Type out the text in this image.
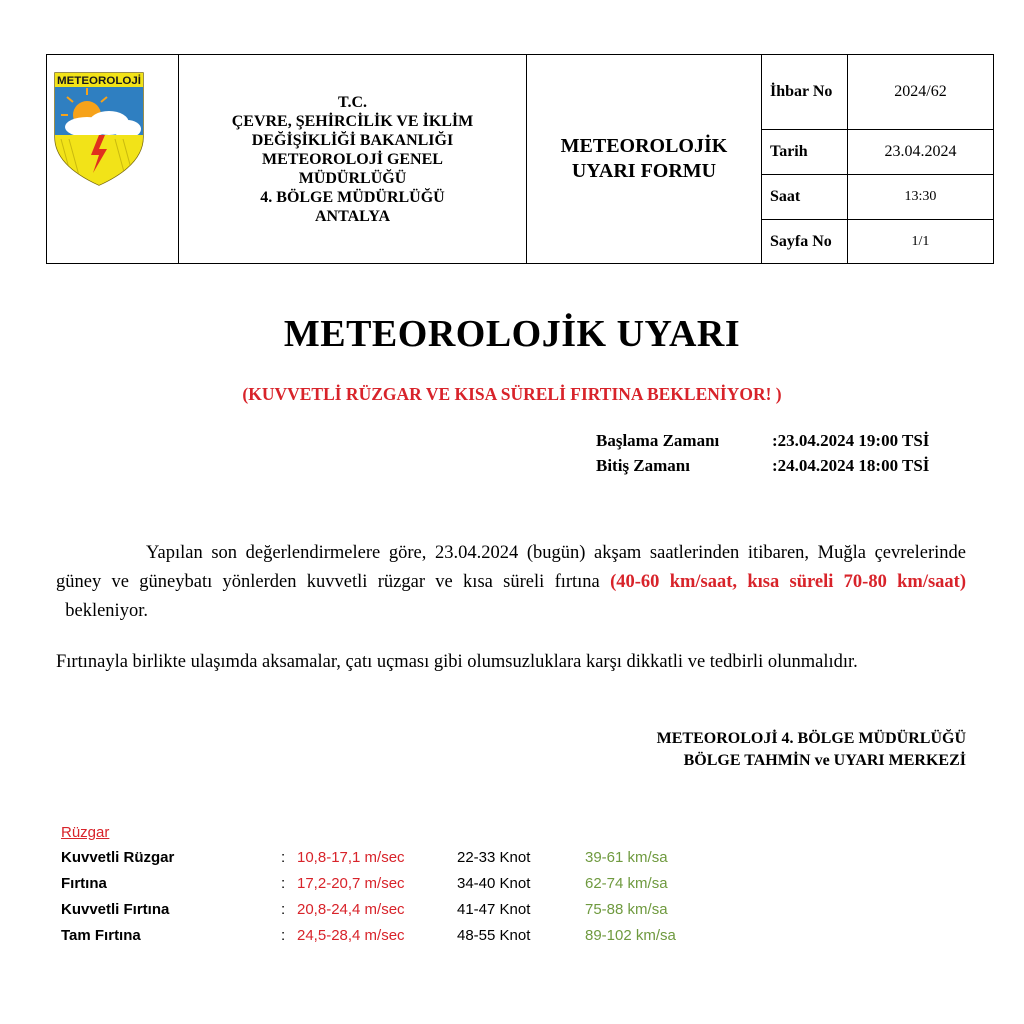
METEOROLOJİ
T.C.
ÇEVRE, ŞEHİRCİLİK VE İKLİM
DEĞİŞİKLİĞİ BAKANLIĞI
METEOROLOJİ GENEL
MÜDÜRLÜĞÜ
4. BÖLGE MÜDÜRLÜĞÜ
ANTALYA
METEOROLOJİK
UYARI FORMU
İhbar No	2024/62
Tarih	23.04.2024
Saat	13:30
Sayfa No	1/1
METEOROLOJİK UYARI
(KUVVETLİ RÜZGAR VE KISA SÜRELİ FIRTINA BEKLENİYOR! )
Başlama Zamanı	:23.04.2024 19:00 TSİ
Bitiş Zamanı	:24.04.2024 18:00 TSİ
Yapılan son değerlendirmelere göre, 23.04.2024 (bugün) akşam saatlerinden itibaren, Muğla çevrelerinde güney ve güneybatı yönlerden kuvvetli rüzgar ve kısa süreli fırtına (40-60 km/saat, kısa süreli 70-80 km/saat)  bekleniyor.
Fırtınayla birlikte ulaşımda aksamalar, çatı uçması gibi olumsuzluklara karşı dikkatli ve tedbirli olunmalıdır.
METEOROLOJİ 4. BÖLGE MÜDÜRLÜĞÜ
BÖLGE TAHMİN ve UYARI MERKEZİ
Rüzgar
Kuvvetli Rüzgar	: 10,8-17,1 m/sec	22-33 Knot	39-61 km/sa
Fırtına	: 17,2-20,7 m/sec	34-40 Knot	62-74 km/sa
Kuvvetli Fırtına	: 20,8-24,4 m/sec	41-47 Knot	75-88 km/sa
Tam Fırtına	: 24,5-28,4 m/sec	48-55 Knot	89-102 km/sa
